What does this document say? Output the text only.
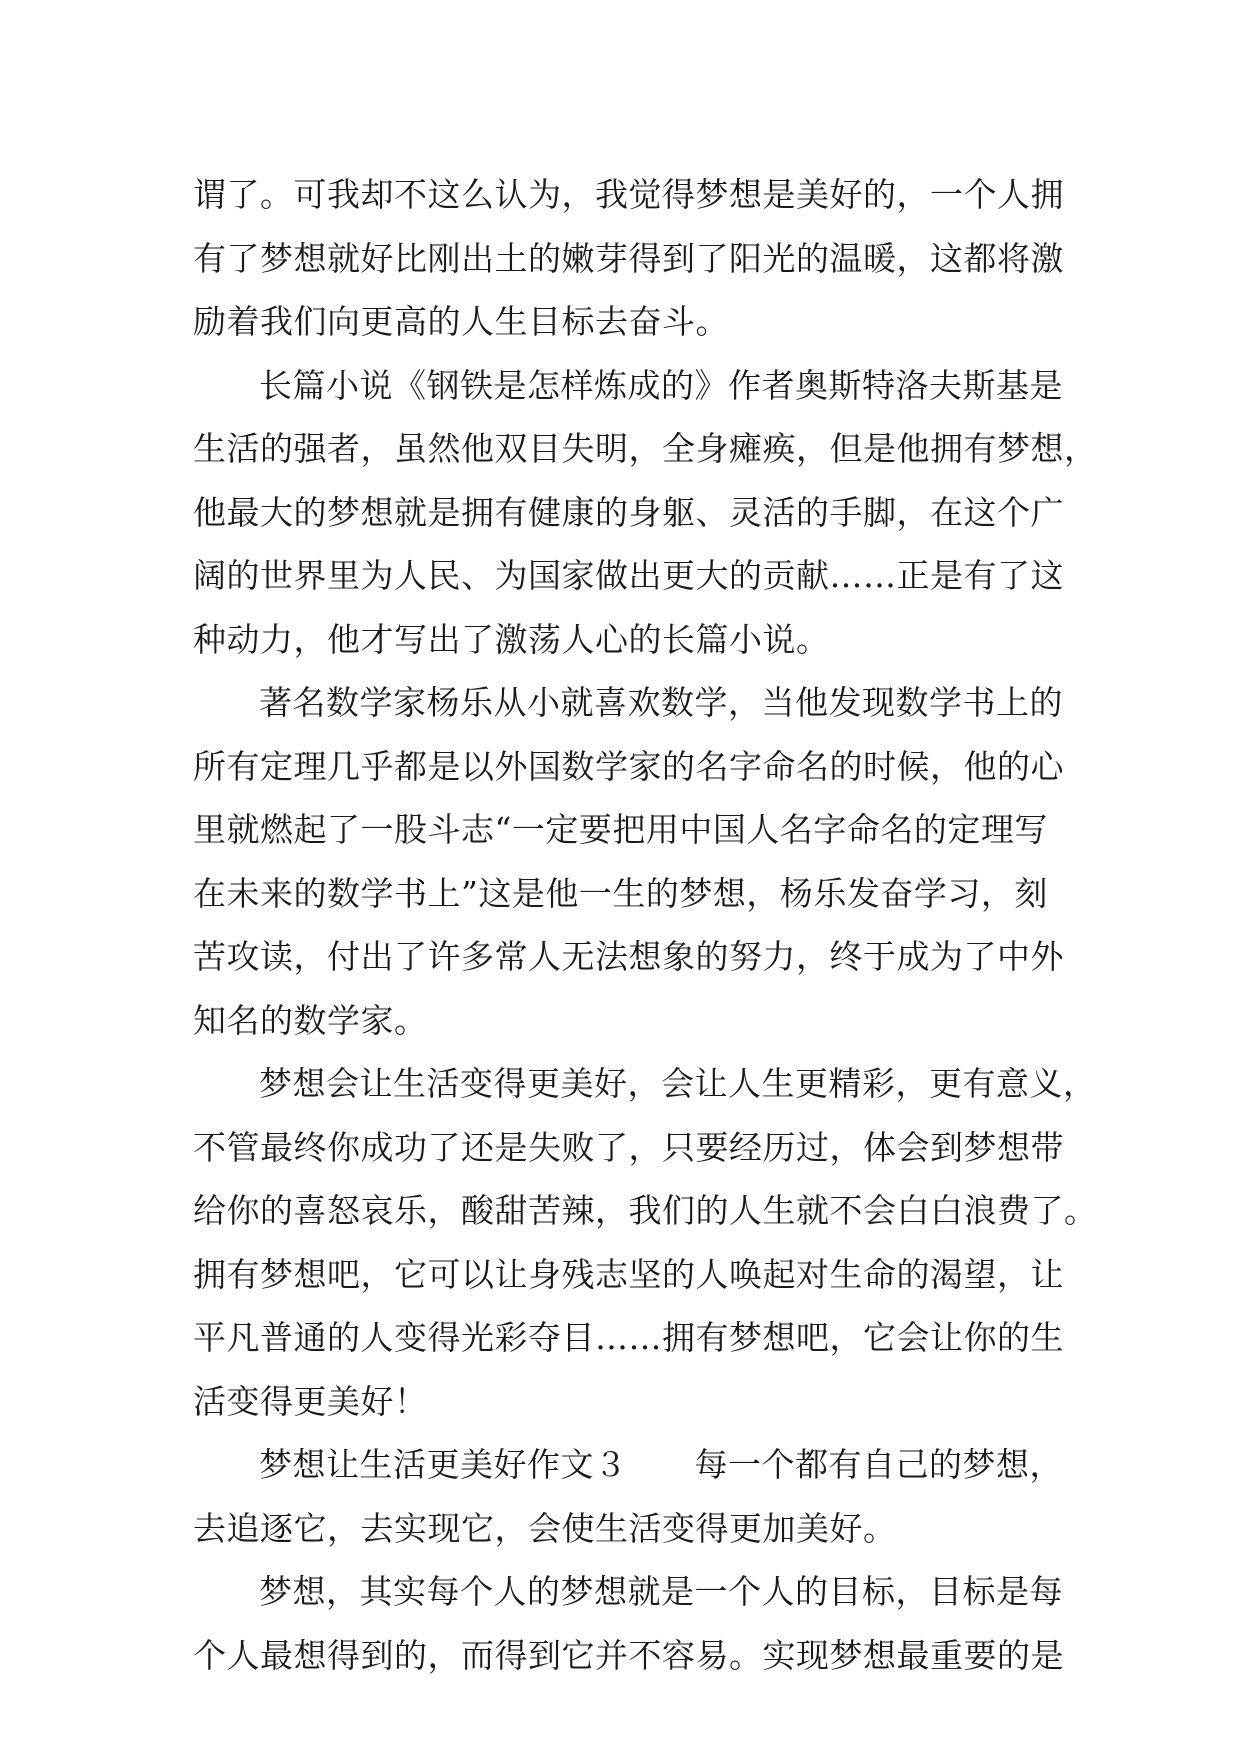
谓了。可我却不这么认为，我觉得梦想是美好的，一个人拥
有了梦想就好比刚出土的嫩芽得到了阳光的温暖，这都将激
励着我们向更高的人生目标去奋斗。
长篇小说《钢铁是怎样炼成的》作者奥斯特洛夫斯基是
生活的强者，虽然他双目失明，全身瘫痪，但是他拥有梦想，
他最大的梦想就是拥有健康的身躯、灵活的手脚，在这个广
阔的世界里为人民、为国家做出更大的贡献……正是有了这
种动力，他才写出了激荡人心的长篇小说。
著名数学家杨乐从小就喜欢数学，当他发现数学书上的
所有定理几乎都是以外国数学家的名字命名的时候，他的心
里就燃起了一股斗志“一定要把用中国人名字命名的定理写
在未来的数学书上”这是他一生的梦想，杨乐发奋学习，刻
苦攻读，付出了许多常人无法想象的努力，终于成为了中外
知名的数学家。
梦想会让生活变得更美好，会让人生更精彩，更有意义，
不管最终你成功了还是失败了，只要经历过，体会到梦想带
给你的喜怒哀乐，酸甜苦辣，我们的人生就不会白白浪费了。
拥有梦想吧，它可以让身残志坚的人唤起对生命的渴望，让
平凡普通的人变得光彩夺目……拥有梦想吧，它会让你的生
活变得更美好！
梦想让生活更美好作文３　　每一个都有自己的梦想，
去追逐它，去实现它，会使生活变得更加美好。
梦想，其实每个人的梦想就是一个人的目标，目标是每
个人最想得到的，而得到它并不容易。实现梦想最重要的是
